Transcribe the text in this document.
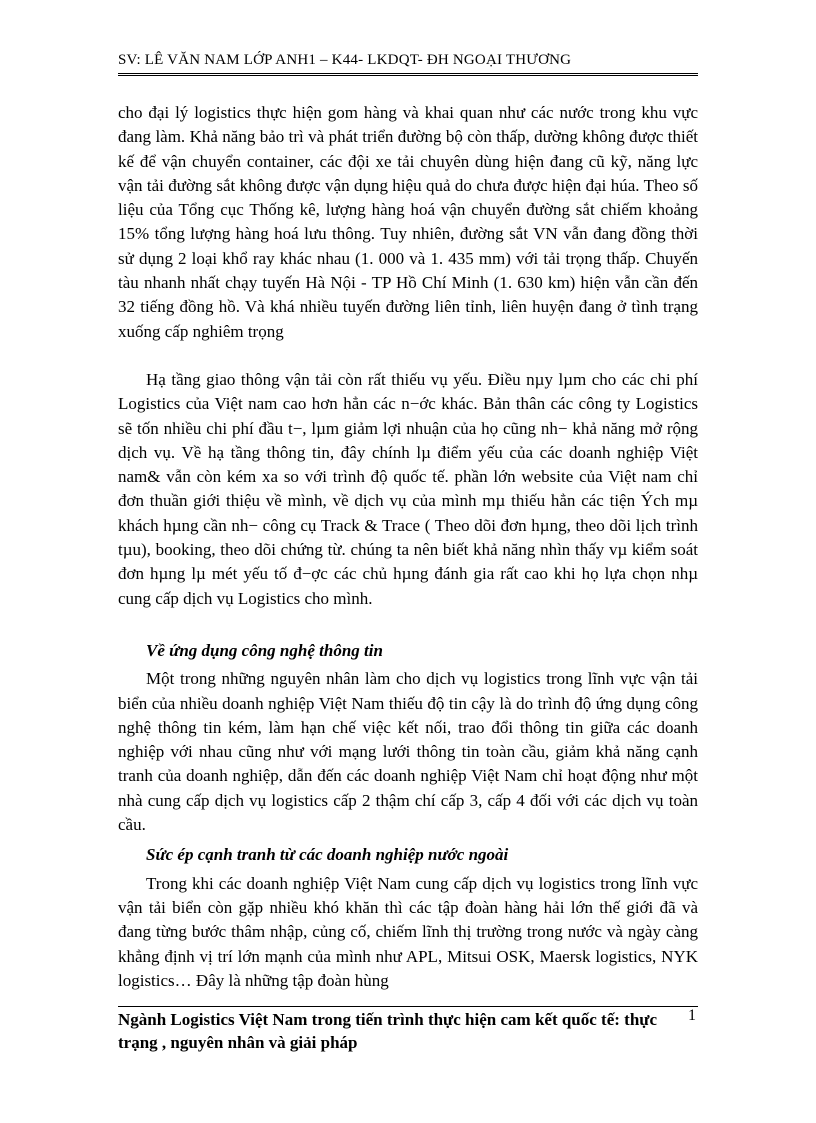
SV: LÊ VĂN NAM LỚP ANH1 – K44- LKDQT- ĐH NGOẠI THƯƠNG

cho đại lý logistics thực hiện gom hàng và khai quan như các nước trong khu vực đang làm. Khả năng bảo trì và phát triển đường bộ còn thấp, dường không được thiết kế để vận chuyển container, các đội xe tải chuyên dùng hiện đang cũ kỹ, năng lực vận tải đường sắt không được vận dụng hiệu quả do chưa được hiện đại húa. Theo số liệu của Tổng cục Thống kê, lượng hàng hoá vận chuyển đường sắt chiếm khoảng 15% tổng lượng hàng hoá lưu thông. Tuy nhiên, đường sắt VN vẫn đang đồng thời sử dụng 2 loại khổ ray khác nhau (1. 000 và 1. 435 mm) với tải trọng thấp. Chuyến tàu nhanh nhất chạy tuyến Hà Nội - TP Hồ Chí Minh (1. 630 km) hiện vẫn cần đến 32 tiếng đồng hồ. Và khá nhiều tuyến đường liên tỉnh, liên huyện đang ở tình trạng xuống cấp nghiêm trọng

Hạ tầng giao thông vận tải còn rất thiếu vụ yếu. Điều nµy lµm cho các chi phí Logistics của Việt nam cao hơn hẳn các n−ớc khác. Bản thân các công ty Logistics sẽ tốn nhiều chi phí đầu t−, lµm giảm lợi nhuận của họ cũng nh− khả năng mở rộng dịch vụ. Về hạ tầng thông tin, đây chính lµ điểm yếu của các doanh nghiệp Việt nam& vẫn còn kém xa so với trình độ quốc tế. phần lớn website của Việt nam chỉ đơn thuần giới thiệu về mình, về dịch vụ của mình mµ thiếu hẳn các tiện Ých mµ khách hµng cần nh− công cụ Track & Trace ( Theo dõi đơn hµng, theo dõi lịch trình tµu), booking, theo dõi chứng từ. chúng ta nên biết khả năng nhìn thấy vµ kiểm soát đơn hµng lµ mét yếu tố đ−ợc các chủ hµng đánh gia rất cao khi họ lựa chọn nhµ cung cấp dịch vụ Logistics cho mình.

Về ứng dụng công nghệ thông tin

Một trong những nguyên nhân làm cho dịch vụ logistics trong lĩnh vực vận tải biển của nhiều doanh nghiệp Việt Nam thiếu độ tin cậy là do trình độ ứng dụng công nghệ thông tin kém, làm hạn chế việc kết nối, trao đổi thông tin giữa các doanh nghiệp với nhau cũng như với mạng lưới thông tin toàn cầu, giảm khả năng cạnh tranh của doanh nghiệp, dẫn đến các doanh nghiệp Việt Nam chỉ hoạt động như một nhà cung cấp dịch vụ logistics cấp 2 thậm chí cấp 3, cấp 4 đối với các dịch vụ toàn cầu.

Sức ép cạnh tranh từ các doanh nghiệp nước ngoài

Trong khi các doanh nghiệp Việt Nam cung cấp dịch vụ logistics trong lĩnh vực vận tải biển còn gặp nhiều khó khăn thì các tập đoàn hàng hải lớn thế giới đã và đang từng bước thâm nhập, củng cố, chiếm lĩnh thị trường trong nước và ngày càng khẳng định vị trí lớn mạnh của mình như APL, Mitsui OSK, Maersk logistics, NYK logistics… Đây là những tập đoàn hùng

Ngành Logistics Việt Nam trong tiến trình thực hiện cam kết quốc tế: thực trạng , nguyên nhân và giải pháp
1
